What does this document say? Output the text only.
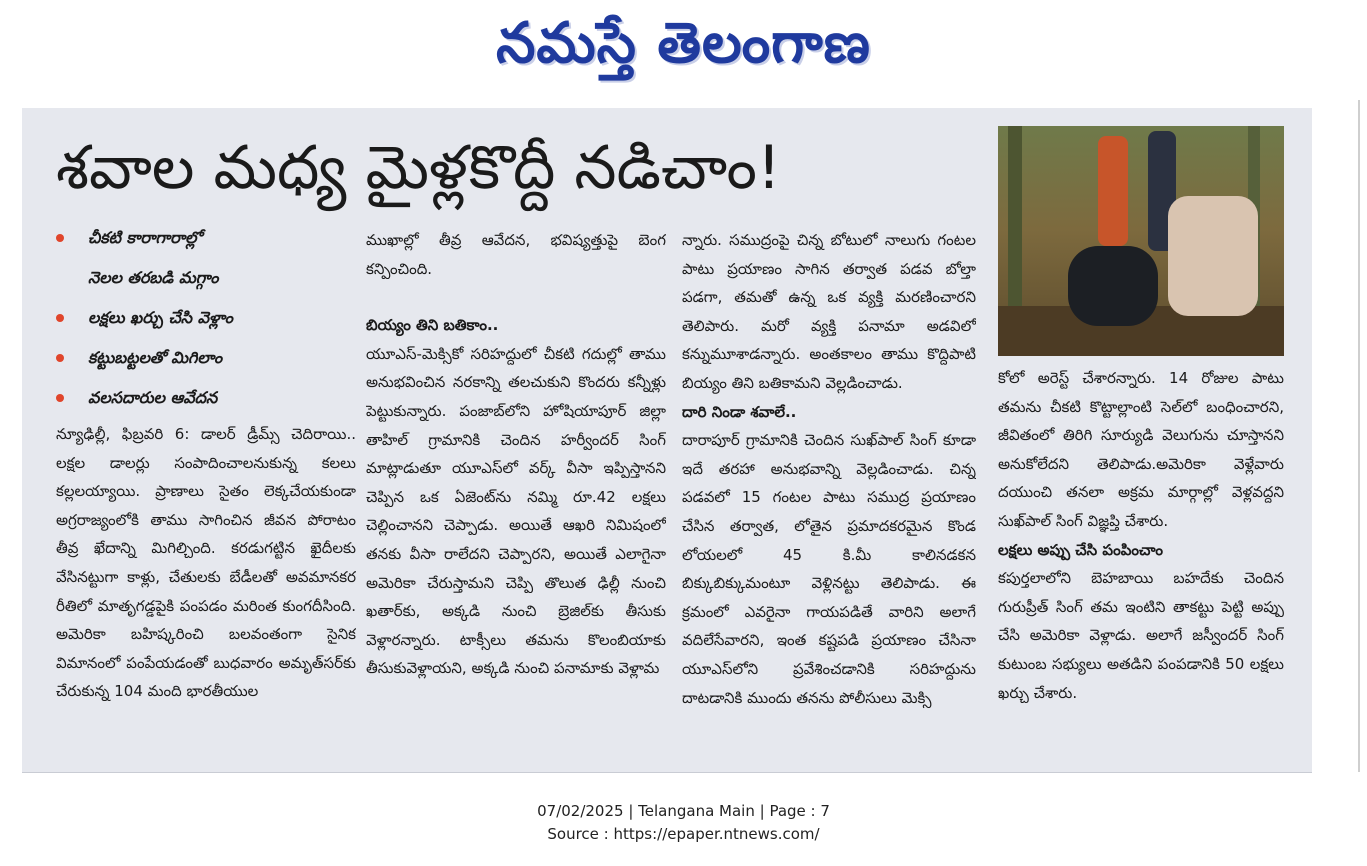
నమస్తే తెలంగాణ
శవాల మధ్య మైళ్లకొద్దీ నడిచాం!
చీకటి కారాగారాల్లో
నెలల తరబడి మగ్గాం
లక్షలు ఖర్చు చేసి వెళ్లాం
కట్టుబట్టలతో మిగిలాం
వలసదారుల ఆవేదన

న్యూఢిల్లీ, ఫిబ్రవరి 6: డాలర్ డ్రీమ్స్ చెదిరాయి.. లక్షల డాలర్లు సంపాదించాలనుకున్న కలలు కల్లలయ్యాయి. ప్రాణాలు సైతం లెక్కచేయకుండా అగ్రరాజ్యంలోకి తాము సాగించిన జీవన పోరాటం తీవ్ర ఖేదాన్ని మిగిల్చింది. కరడుగట్టిన ఖైదీలకు వేసినట్టుగా కాళ్లు, చేతులకు బేడీలతో అవమానకర రీతిలో మాతృగడ్డపైకి పంపడం మరింత కుంగదీసింది. అమెరికా బహిష్కరించి బలవంతంగా సైనిక విమానంలో పంపేయడంతో బుధవారం అమృత్‌సర్‌కు చేరుకున్న 104 మంది భారతీయుల

ముఖాల్లో తీవ్ర ఆవేదన, భవిష్యత్తుపై బెంగ కన్పించింది.

బియ్యం తిని బతికాం..

యూఎస్-మెక్సికో సరిహద్దులో చీకటి గదుల్లో తాము అనుభవించిన నరకాన్ని తలచుకుని కొందరు కన్నీళ్లు పెట్టుకున్నారు. పంజాబ్‌లోని హోషియాపూర్ జిల్లా తాహిల్ గ్రామానికి చెందిన హర్వీందర్ సింగ్ మాట్లాడుతూ యూఎస్‌లో వర్క్ వీసా ఇప్పిస్తానని చెప్పిన ఒక ఏజెంట్‌ను నమ్మి రూ.42 లక్షలు చెల్లించానని చెప్పాడు. అయితే ఆఖరి నిమిషంలో తనకు వీసా రాలేదని చెప్పారని, అయితే ఎలాగైనా అమెరికా చేరుస్తామని చెప్పి తొలుత ఢిల్లీ నుంచి ఖతార్‌కు, అక్కడి నుంచి బ్రెజిల్‌కు తీసుకు వెళ్లారన్నారు. టాక్సీలు తమను కొలంబియాకు తీసుకువెళ్లాయని, అక్కడి నుంచి పనామాకు వెళ్లామ

న్నారు. సముద్రంపై చిన్న బోటులో నాలుగు గంటల పాటు ప్రయాణం సాగిన తర్వాత పడవ బోల్తా పడగా, తమతో ఉన్న ఒక వ్యక్తి మరణించారని తెలిపారు. మరో వ్యక్తి పనామా అడవిలో కన్నుమూశాడన్నారు. అంతకాలం తాము కొద్దిపాటి బియ్యం తిని బతికామని వెల్లడించాడు.

దారి నిండా శవాలే..

దారాపూర్ గ్రామానికి చెందిన సుఖ్‌పాల్ సింగ్ కూడా ఇదే తరహా అనుభవాన్ని వెల్లడించాడు. చిన్న పడవలో 15 గంటల పాటు సముద్ర ప్రయాణం చేసిన తర్వాత, లోతైన ప్రమాదకరమైన కొండ లోయలలో 45 కి.మీ కాలినడకన బిక్కుబిక్కుమంటూ వెళ్లినట్టు తెలిపాడు. ఈ క్రమంలో ఎవరైనా గాయపడితే వారిని అలాగే వదిలేసేవారని, ఇంత కష్టపడి ప్రయాణం చేసినా యూఎస్‌లోని ప్రవేశించడానికి సరిహద్దును దాటడానికి ముందు తనను పోలీసులు మెక్సి

కోలో అరెస్ట్ చేశారన్నారు. 14 రోజుల పాటు తమను చీకటి కొట్టాల్లాంటి సెల్‌లో బంధించారని, జీవితంలో తిరిగి సూర్యుడి వెలుగును చూస్తానని అనుకోలేదని తెలిపాడు.అమెరికా వెళ్లేవారు దయుంచి తనలా అక్రమ మార్గాల్లో వెళ్లవద్దని సుఖ్‌పాల్ సింగ్ విజ్ఞప్తి చేశారు.

లక్షలు అప్పు చేసి పంపించాం

కపుర్తలాలోని బెహబాయి బహదేకు చెందిన గురుప్రీత్ సింగ్ తమ ఇంటిని తాకట్టు పెట్టి అప్పు చేసి అమెరికా వెళ్లాడు. అలాగే జస్వీందర్ సింగ్ కుటుంబ సభ్యులు అతడిని పంపడానికి 50 లక్షలు ఖర్చు చేశారు.

07/02/2025 | Telangana Main | Page : 7
Source : https://epaper.ntnews.com/
